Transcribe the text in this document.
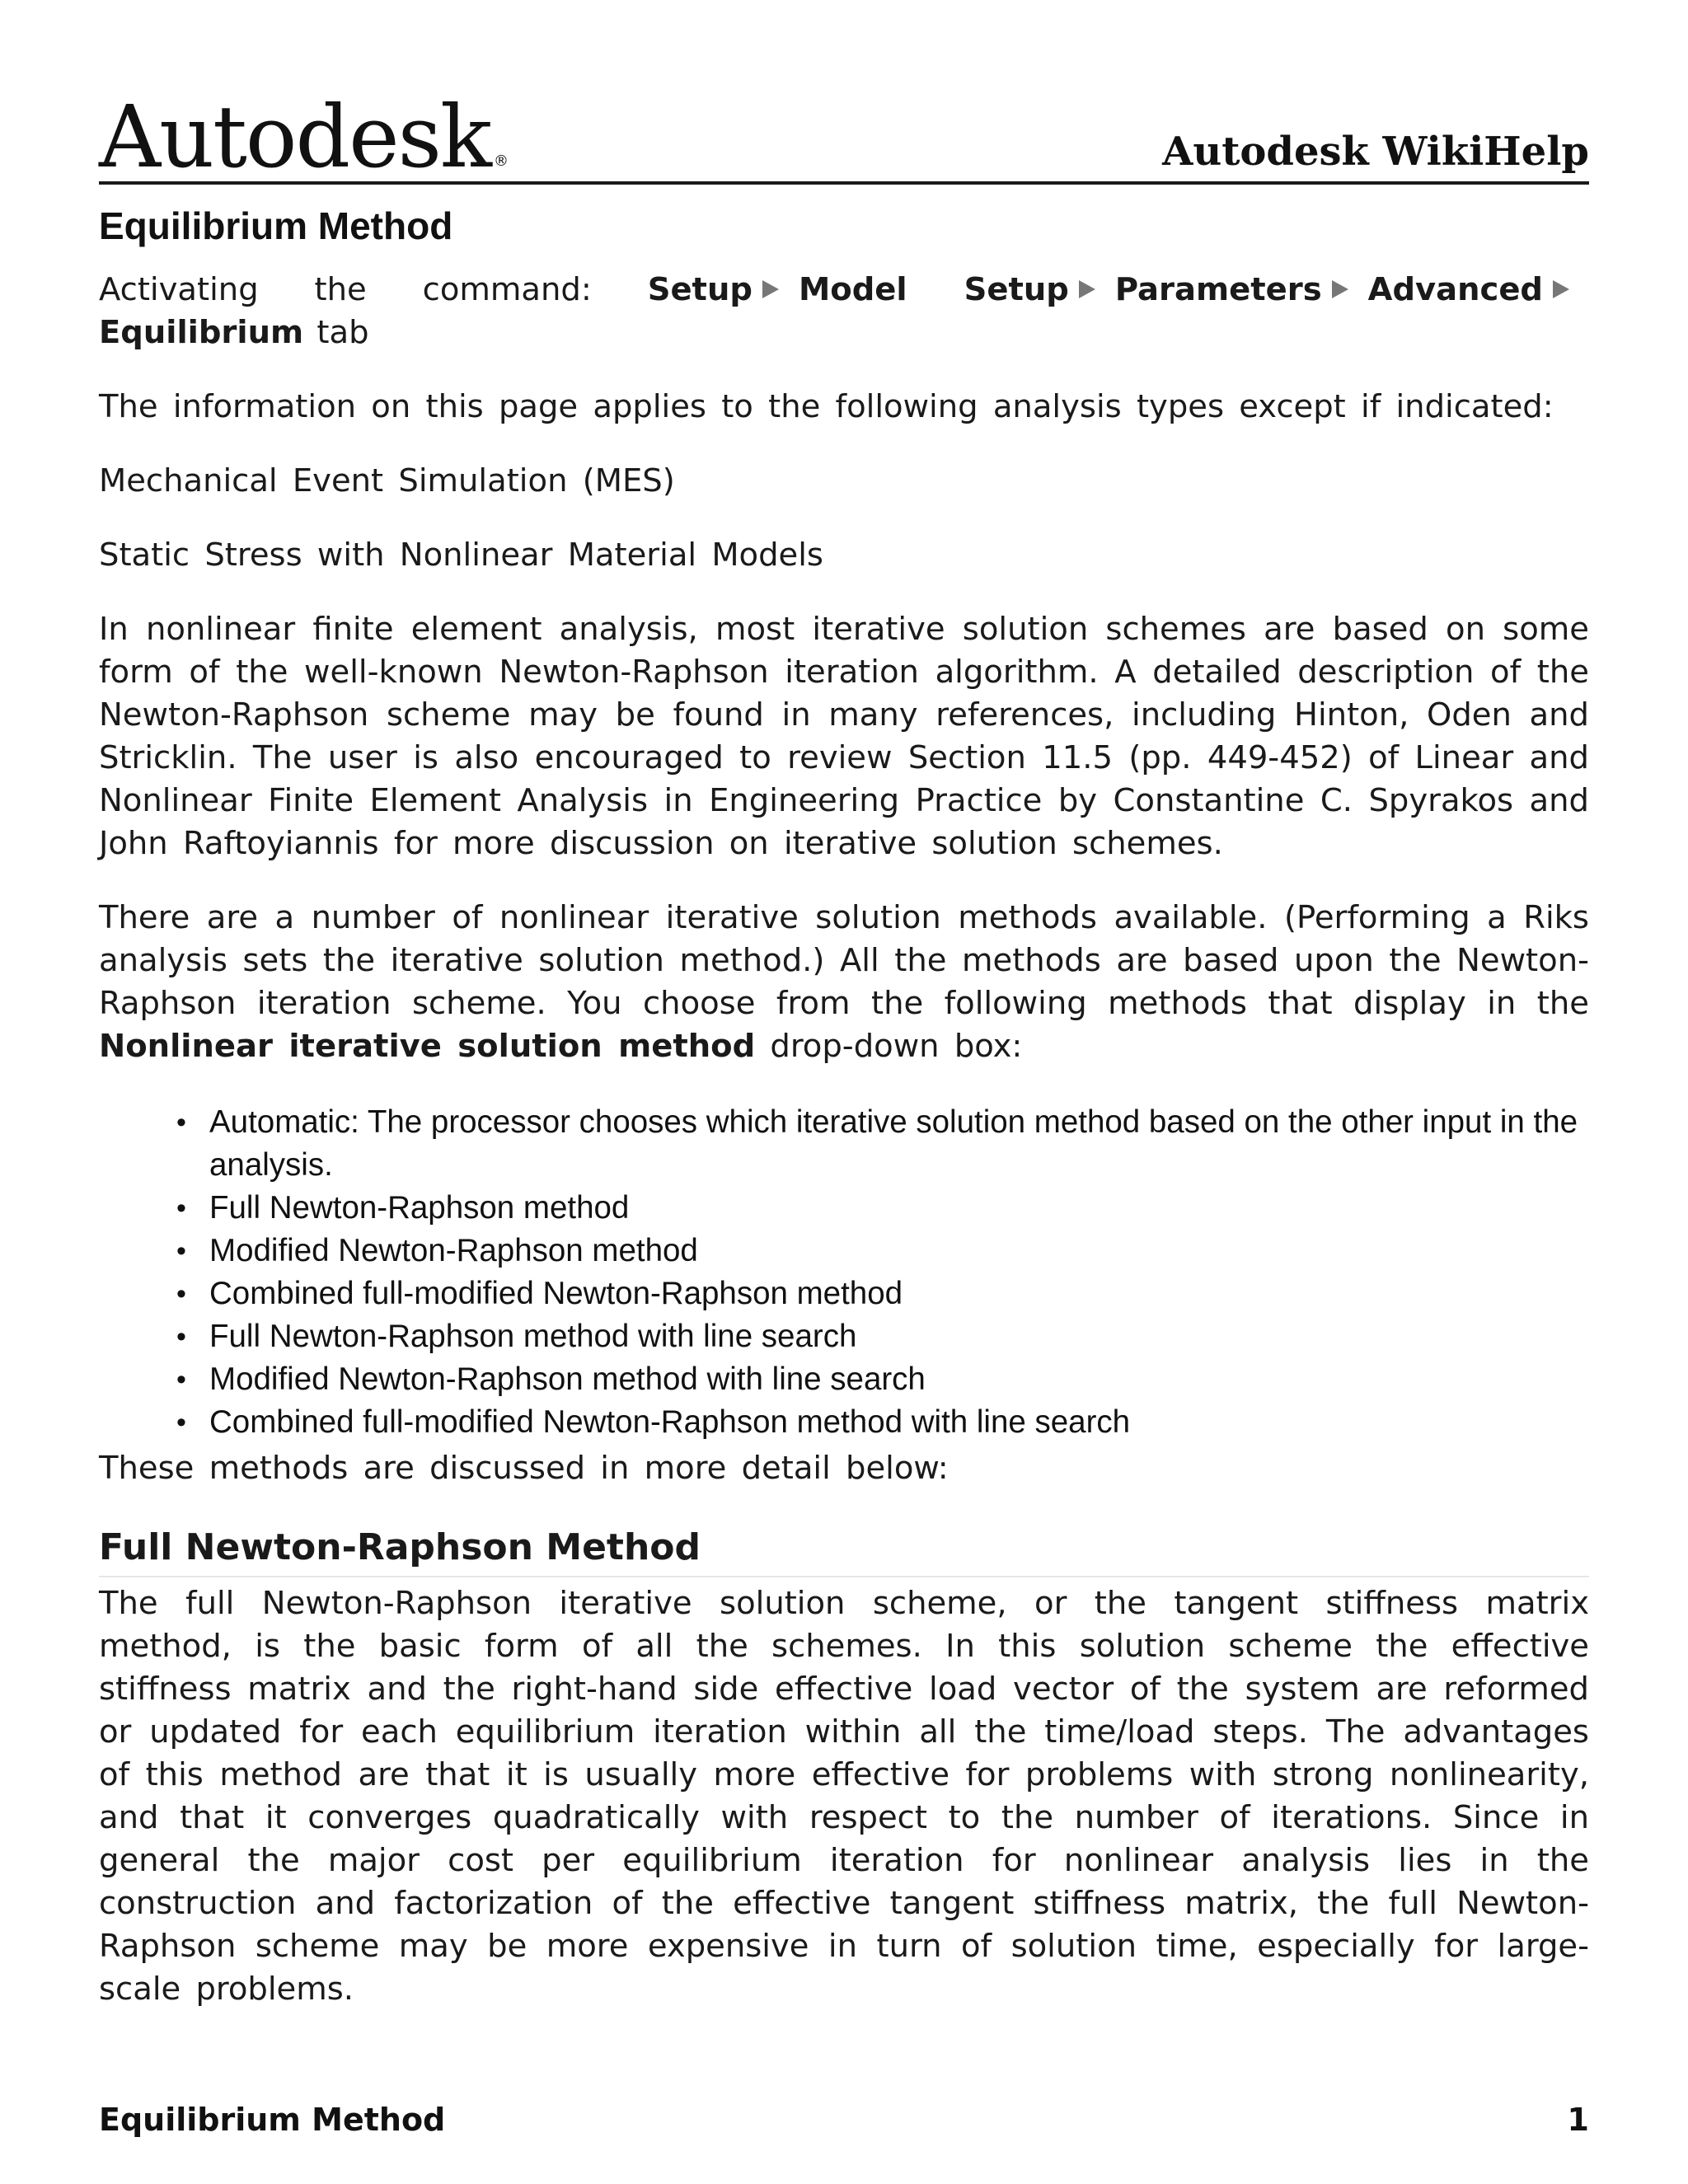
Autodesk ®	Autodesk WikiHelp
Equilibrium Method

Activating the command: Setup Model Setup Parameters AdvancedEquilibrium tab

The information on this page applies to the following analysis types except if indicated:

Mechanical Event Simulation (MES)

Static Stress with Nonlinear Material Models

In nonlinear finite element analysis, most iterative solution schemes are based on some form of the well-known Newton-Raphson iteration algorithm. A detailed description of the Newton-Raphson scheme may be found in many references, including Hinton, Oden and Stricklin. The user is also encouraged to review Section 11.5 (pp. 449-452) of Linear and Nonlinear Finite Element Analysis in Engineering Practice by Constantine C. Spyrakos and John Raftoyiannis for more discussion on iterative solution schemes.

There are a number of nonlinear iterative solution methods available. (Performing a Riks analysis sets the iterative solution method.) All the methods are based upon the Newton-Raphson iteration scheme. You choose from the following methods that display in the Nonlinear iterative solution method drop-down box:

• Automatic: The processor chooses which iterative solution method based on the other input in the analysis.
• Full Newton-Raphson method
• Modified Newton-Raphson method
• Combined full-modified Newton-Raphson method
• Full Newton-Raphson method with line search
• Modified Newton-Raphson method with line search
• Combined full-modified Newton-Raphson method with line search

These methods are discussed in more detail below:

Full Newton-Raphson Method

The full Newton-Raphson iterative solution scheme, or the tangent stiffness matrix method, is the basic form of all the schemes. In this solution scheme the effective stiffness matrix and the right-hand side effective load vector of the system are reformed or updated for each equilibrium iteration within all the time/load steps. The advantages of this method are that it is usually more effective for problems with strong nonlinearity, and that it converges quadratically with respect to the number of iterations. Since in general the major cost per equilibrium iteration for nonlinear analysis lies in the construction and factorization of the effective tangent stiffness matrix, the full Newton-Raphson scheme may be more expensive in turn of solution time, especially for large-scale problems.

Equilibrium Method	1
